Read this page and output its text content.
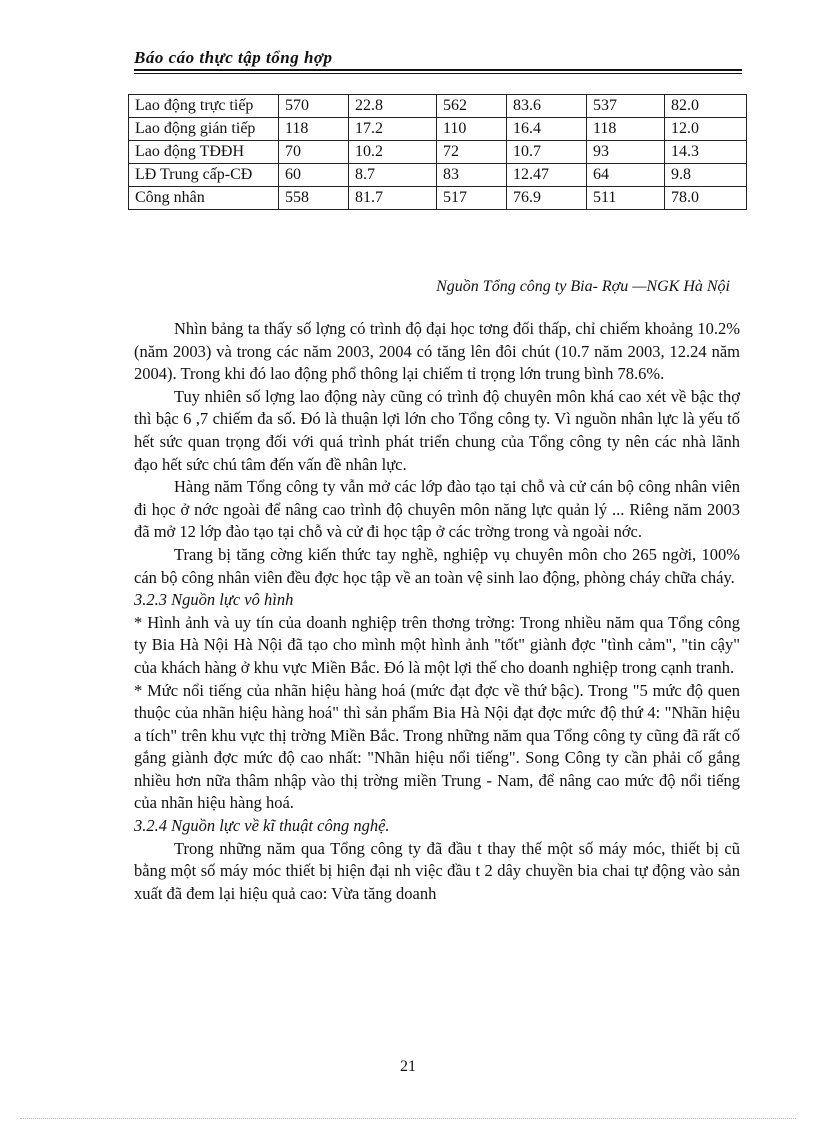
Báo cáo thực tập tổng hợp
Lao động trực tiếp	570	22.8	562	83.6	537	82.0
Lao động gián tiếp	118	17.2	110	16.4	118	12.0
Lao động TĐĐH	70	10.2	72	10.7	93	14.3
LĐ Trung cấp-CĐ	60	8.7	83	12.47	64	9.8
Công nhân	558	81.7	517	76.9	511	78.0
Nguồn Tổng công ty Bia- Rợu —NGK Hà Nội

Nhìn bảng ta thấy số lợng có trình độ đại học tơng đối thấp, chỉ chiếm khoảng 10.2% (năm 2003) và trong các năm 2003, 2004 có tăng lên đôi chút (10.7 năm 2003, 12.24 năm 2004). Trong khi đó lao động phổ thông lại chiếm tỉ trọng lớn trung bình 78.6%.

Tuy nhiên số lợng lao động này cũng có trình độ chuyên môn khá cao xét về bậc thợ thì bậc 6 ,7 chiếm đa số. Đó là thuận lợi lớn cho Tổng công ty. Vì nguồn nhân lực là yếu tố hết sức quan trọng đối với quá trình phát triển chung của Tổng công ty nên các nhà lãnh đạo hết sức chú tâm đến vấn đề nhân lực.

Hàng năm Tổng công ty vẫn mở các lớp đào tạo tại chỗ và cử cán bộ công nhân viên đi học ở nớc ngoài để nâng cao trình độ chuyên môn năng lực quản lý ... Riêng năm 2003 đã mở 12 lớp đào tạo tại chỗ và cử đi học tập ở các trờng trong và ngoài nớc.

Trang bị tăng cờng kiến thức tay nghề, nghiệp vụ chuyên môn cho 265 ngời, 100% cán bộ công nhân viên đều đợc học tập về an toàn vệ sinh lao động, phòng cháy chữa cháy.

3.2.3 Nguồn lực vô hình

* Hình ảnh và uy tín của doanh nghiệp trên thơng trờng: Trong nhiều năm qua Tổng công ty Bia Hà Nội Hà Nội đã tạo cho mình một hình ảnh "tốt" giành đợc "tình cảm", "tin cậy" của khách hàng ở khu vực Miền Bắc. Đó là một lợi thế cho doanh nghiệp trong cạnh tranh.

* Mức nổi tiếng của nhãn hiệu hàng hoá (mức đạt đợc về thứ bậc). Trong "5 mức độ quen thuộc của nhãn hiệu hàng hoá" thì sản phẩm Bia Hà Nội đạt đợc mức độ thứ 4: "Nhãn hiệu a tích" trên khu vực thị trờng Miền Bắc. Trong những năm qua Tổng công ty cũng đã rất cố gắng giành đợc mức độ cao nhất: "Nhãn hiệu nổi tiếng". Song Công ty cần phải cố gắng nhiều hơn nữa thâm nhập vào thị trờng miền Trung - Nam, để nâng cao mức độ nổi tiếng của nhãn hiệu hàng hoá.

3.2.4 Nguồn lực về kĩ thuật công nghệ.

Trong những năm qua Tổng công ty đã đầu t thay thế một số máy móc, thiết bị cũ bằng một số máy móc thiết bị hiện đại nh việc đầu t 2 dây chuyền bia chai tự động vào sản xuất đã đem lại hiệu quả cao: Vừa tăng doanh

21
